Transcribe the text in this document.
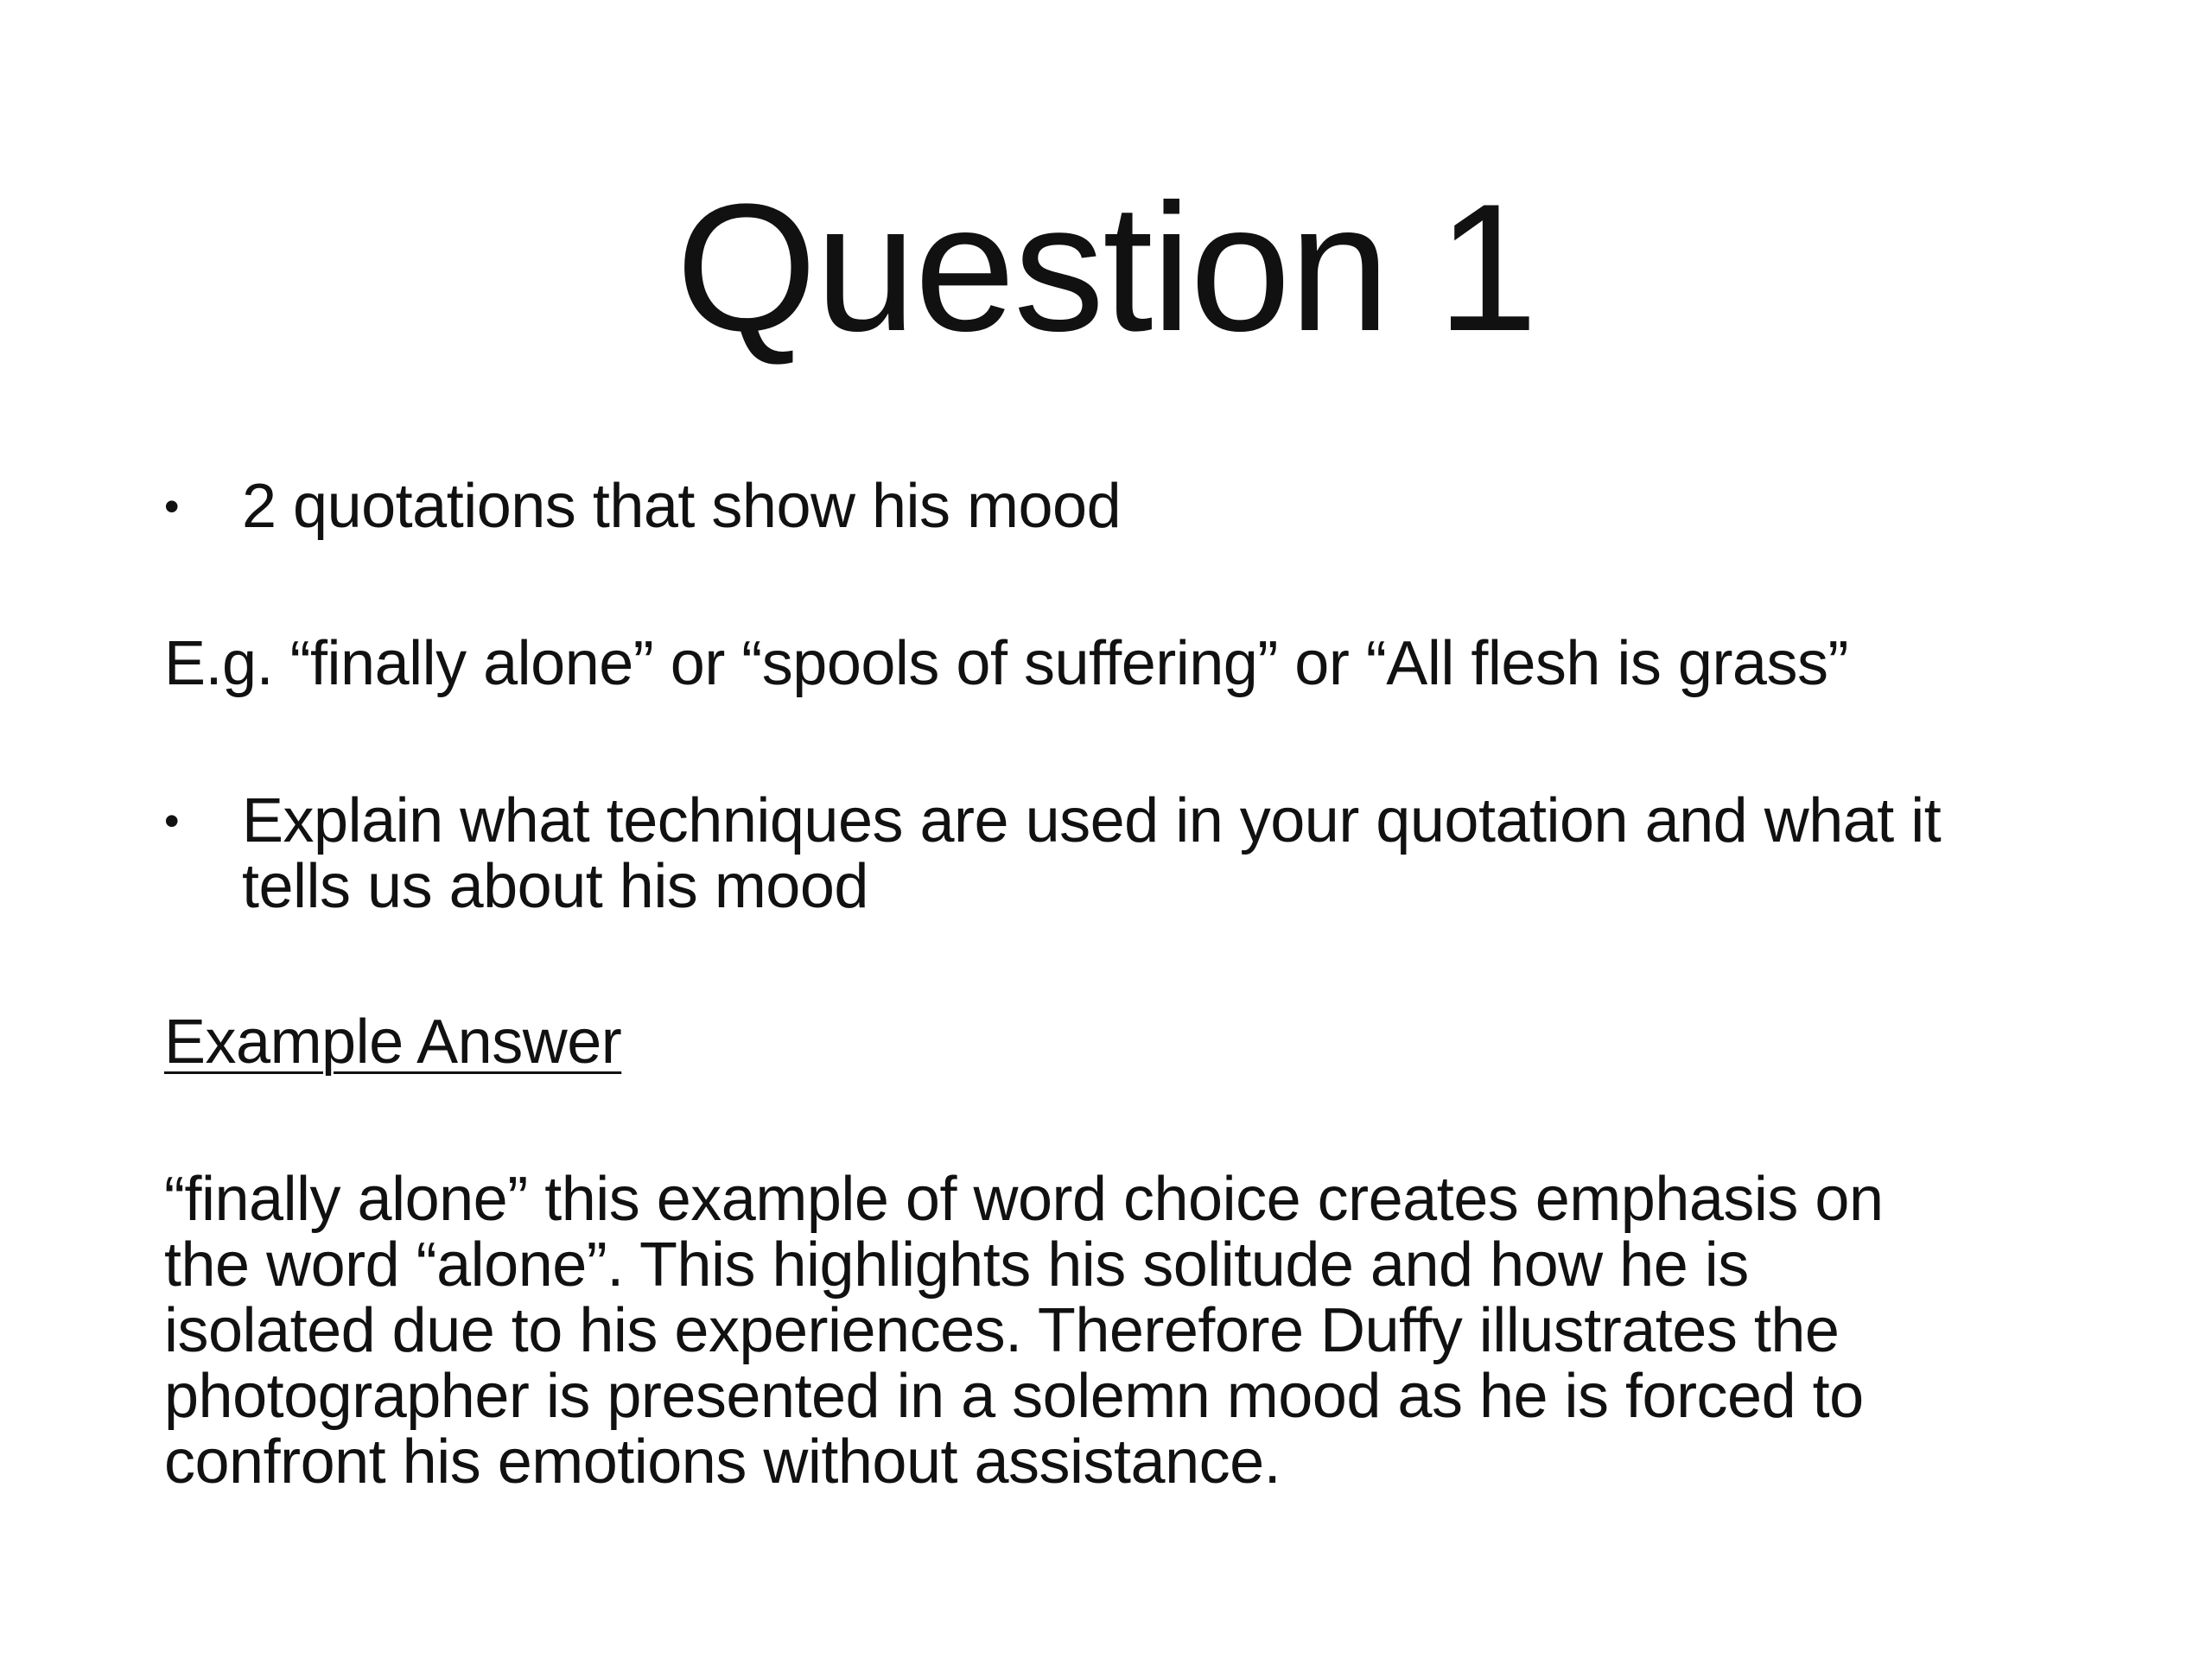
Question 1
•	2 quotations that show his mood
E.g. “finally alone” or “spools of suffering” or “All flesh is grass”
•	Explain what techniques are used in your quotation and what it
tells us about his mood
Example Answer
“finally alone” this example of word choice creates emphasis on
the word “alone”. This highlights his solitude and how he is
isolated due to his experiences. Therefore Duffy illustrates the
photographer is presented in a solemn mood as he is forced to
confront his emotions without assistance.
